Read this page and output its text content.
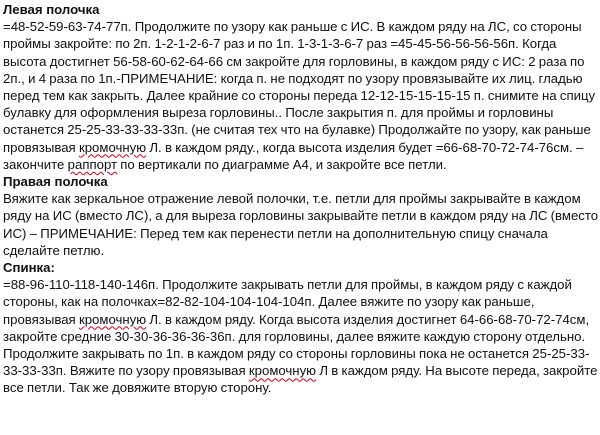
Левая полочка

=48-52-59-63-74-77п. Продолжите по узору как раньше с ИС. В каждом ряду на ЛС, со стороны проймы закройте: по 2п. 1-2-1-2-6-7 раз и по 1п. 1-3-1-3-6-7 раз =45-45-56-56-56-56п. Когда высота достигнет 56-58-60-62-64-66 см закройте для горловины, в каждом ряду с ИС: 2 раза по 2п., и 4 раза по 1п.-ПРИМЕЧАНИЕ: когда п. не подходят по узору провязывайте их лиц. гладью перед тем как закрыть. Далее крайние со стороны переда 12-12-15-15-15-15 п. снимите на спицу булавку для оформления выреза горловины.. После закрытия п. для проймы и горловины останется 25-25-33-33-33-33п. (не считая тех что на булавке) Продолжайте по узору, как раньше провязывая кромочную Л. в каждом ряду., когда высота изделия будет =66-68-70-72-74-76см. – закончите раппорт по вертикали по диаграмме А4, и закройте все петли.

Правая полочка

Вяжите как зеркальное отражение левой полочки, т.е. петли для проймы закрывайте в каждом ряду на ИС (вместо ЛС), а для выреза горловины закрывайте петли в каждом ряду на ЛС (вместо ИС) – ПРИМЕЧАНИЕ: Перед тем как перенести петли на дополнительную спицу сначала сделайте петлю.

Спинка:

=88-96-110-118-140-146п. Продолжите закрывать петли для проймы, в каждом ряду с каждой стороны, как на полочках=82-82-104-104-104-104п. Далее вяжите по узору как раньше, провязывая кромочную Л. в каждом ряду. Когда высота изделия достигнет 64-66-68-70-72-74см, закройте средние 30-30-36-36-36-36п. для горловины, далее вяжите каждую сторону отдельно. Продолжите закрывать по 1п. в каждом ряду со стороны горловины пока не останется 25-25-33-33-33-33п. Вяжите по узору провязывая кромочную Л в каждом ряду. На высоте переда, закройте все петли. Так же довяжите вторую сторону.
